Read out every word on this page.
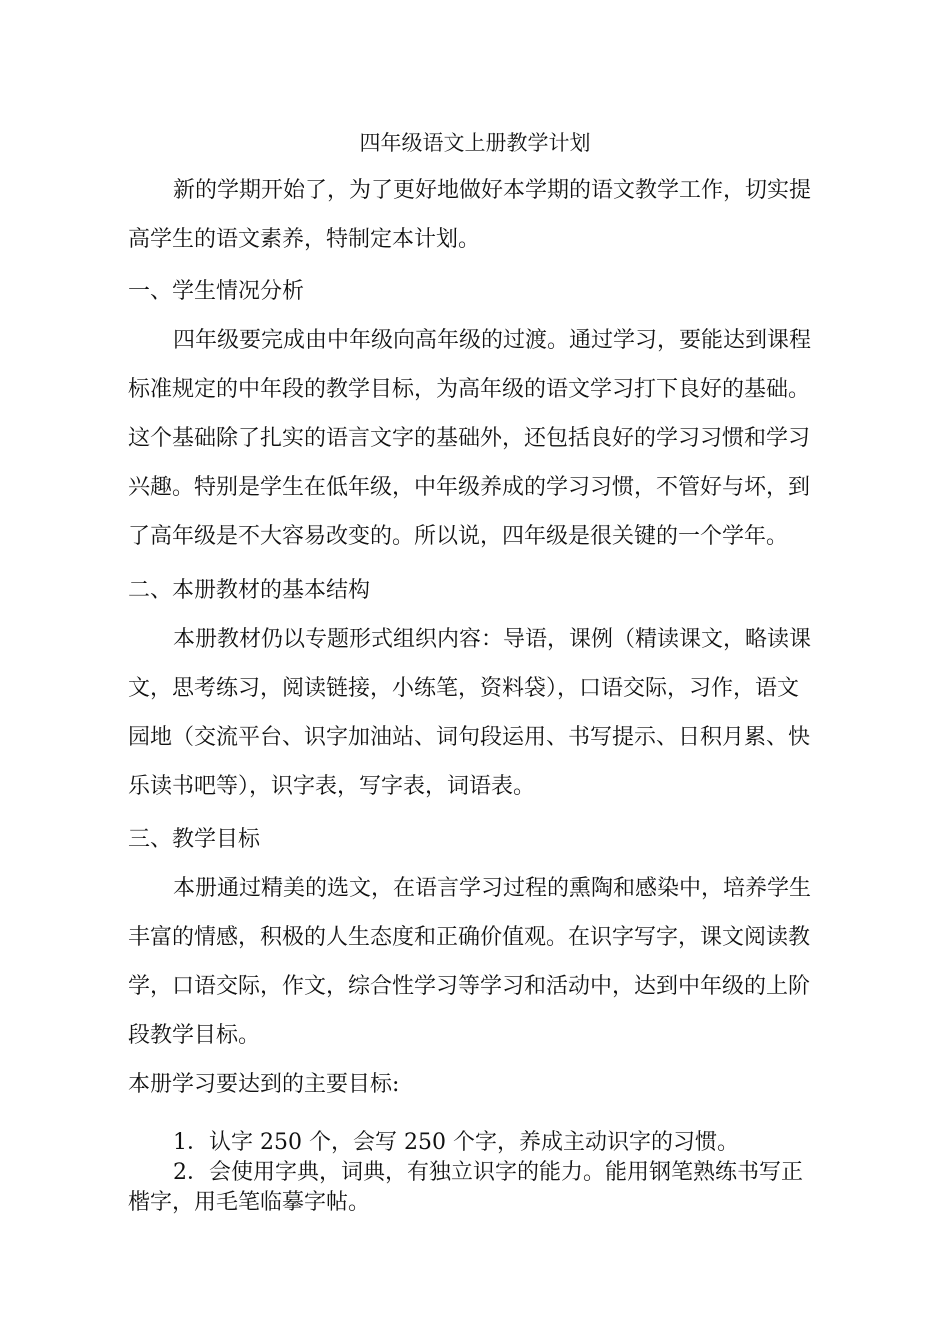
四年级语文上册教学计划
新的学期开始了，为了更好地做好本学期的语文教学工作，切实提
高学生的语文素养，特制定本计划。
一、学生情况分析
四年级要完成由中年级向高年级的过渡。通过学习，要能达到课程
标准规定的中年段的教学目标，为高年级的语文学习打下良好的基础。
这个基础除了扎实的语言文字的基础外，还包括良好的学习习惯和学习
兴趣。特别是学生在低年级，中年级养成的学习习惯，不管好与坏，到
了高年级是不大容易改变的。所以说，四年级是很关键的一个学年。
二、本册教材的基本结构
本册教材仍以专题形式组织内容：导语，课例（精读课文，略读课
文，思考练习，阅读链接，小练笔，资料袋），口语交际，习作，语文
园地（交流平台、识字加油站、词句段运用、书写提示、日积月累、快
乐读书吧等），识字表，写字表，词语表。
三、教学目标
本册通过精美的选文，在语言学习过程的熏陶和感染中，培养学生
丰富的情感，积极的人生态度和正确价值观。在识字写字，课文阅读教
学，口语交际，作文，综合性学习等学习和活动中，达到中年级的上阶
段教学目标。
本册学习要达到的主要目标:
1．认字 250 个，会写 250 个字，养成主动识字的习惯。
2．会使用字典，词典，有独立识字的能力。能用钢笔熟练书写正
楷字，用毛笔临摹字帖。
